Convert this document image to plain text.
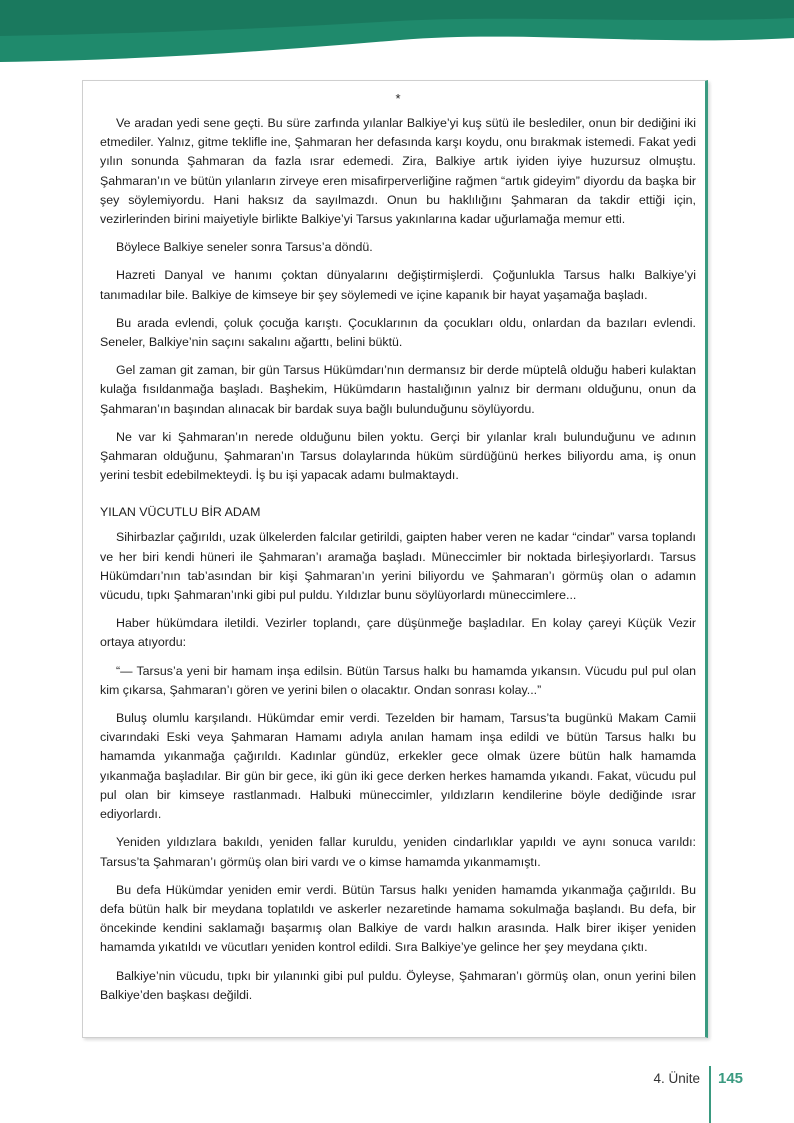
*

Ve aradan yedi sene geçti. Bu süre zarfında yılanlar Balkiye’yi kuş sütü ile beslediler, onun bir dediğini iki etmediler. Yalnız, gitme teklifle ine, Şahmaran her defasında karşı koydu, onu bırakmak istemedi. Fakat yedi yılın sonunda Şahmaran da fazla ısrar edemedi. Zira, Balkiye artık iyiden iyiye huzursuz olmuştu. Şahmaran’ın ve bütün yılanların zirveye eren misafirperverliğine rağmen “artık gideyim” diyordu da başka bir şey söylemiyordu. Hani haksız da sayılmazdı. Onun bu haklılığını Şahmaran da takdir ettiği için, vezirlerinden birini maiyetiyle birlikte Balkiye’yi Tarsus yakınlarına kadar uğurlamağa memur etti.

Böylece Balkiye seneler sonra Tarsus’a döndü.

Hazreti Danyal ve hanımı çoktan dünyalarını değiştirmişlerdi. Çoğunlukla Tarsus halkı Balkiye’yi tanımadılar bile. Balkiye de kimseye bir şey söylemedi ve içine kapanık bir hayat yaşamağa başladı.

Bu arada evlendi, çoluk çocuğa karıştı. Çocuklarının da çocukları oldu, onlardan da bazıları evlendi. Seneler, Balkiye’nin saçını sakalını ağarttı, belini büktü.

Gel zaman git zaman, bir gün Tarsus Hükümdarı’nın dermansız bir derde müptelâ olduğu haberi kulaktan kulağa fısıldanmağa başladı. Başhekim, Hükümdarın hastalığının yalnız bir dermanı olduğunu, onun da Şahmaran’ın başından alınacak bir bardak suya bağlı bulunduğunu söylüyordu.

Ne var ki Şahmaran’ın nerede olduğunu bilen yoktu. Gerçi bir yılanlar kralı bulunduğunu ve adının Şahmaran olduğunu, Şahmaran’ın Tarsus dolaylarında hüküm sürdüğünü herkes biliyordu ama, iş onun yerini tesbit edebilmekteydi. İş bu işi yapacak adamı bulmaktaydı.

YILAN VÜCUTLU BİR ADAM

Sihirbazlar çağırıldı, uzak ülkelerden falcılar getirildi, gaipten haber veren ne kadar “cindar” varsa toplandı ve her biri kendi hüneri ile Şahmaran’ı aramağa başladı. Müneccimler bir noktada birleşiyorlardı. Tarsus Hükümdarı’nın tab’asından bir kişi Şahmaran’ın yerini biliyordu ve Şahmaran’ı görmüş olan o adamın vücudu, tıpkı Şahmaran’ınki gibi pul puldu. Yıldızlar bunu söylüyorlardı müneccimlere...

Haber hükümdara iletildi. Vezirler toplandı, çare düşünmeğe başladılar. En kolay çareyi Küçük Vezir ortaya atıyordu:

“— Tarsus’a yeni bir hamam inşa edilsin. Bütün Tarsus halkı bu hamamda yıkansın. Vücudu pul pul olan kim çıkarsa, Şahmaran’ı gören ve yerini bilen o olacaktır. Ondan sonrası kolay...”

Buluş olumlu karşılandı. Hükümdar emir verdi. Tezelden bir hamam, Tarsus’ta bugünkü Makam Camii civarındaki Eski veya Şahmaran Hamamı adıyla anılan hamam inşa edildi ve bütün Tarsus halkı bu hamamda yıkanmağa çağırıldı. Kadınlar gündüz, erkekler gece olmak üzere bütün halk hamamda yıkanmağa başladılar. Bir gün bir gece, iki gün iki gece derken herkes hamamda yıkandı. Fakat, vücudu pul pul olan bir kimseye rastlanmadı. Halbuki müneccimler, yıldızların kendilerine böyle dediğinde ısrar ediyorlardı.

Yeniden yıldızlara bakıldı, yeniden fallar kuruldu, yeniden cindarlıklar yapıldı ve aynı sonuca varıldı: Tarsus’ta Şahmaran’ı görmüş olan biri vardı ve o kimse hamamda yıkanmamıştı.

Bu defa Hükümdar yeniden emir verdi. Bütün Tarsus halkı yeniden hamamda yıkanmağa çağırıldı. Bu defa bütün halk bir meydana toplatıldı ve askerler nezaretinde hamama sokulmağa başlandı. Bu defa, bir öncekinde kendini saklamağı başarmış olan Balkiye de vardı halkın arasında. Halk birer ikişer yeniden hamamda yıkatıldı ve vücutları yeniden kontrol edildi. Sıra Balkiye’ye gelince her şey meydana çıktı.

Balkiye’nin vücudu, tıpkı bir yılanınki gibi pul puldu. Öyleyse, Şahmaran’ı görmüş olan, onun yerini bilen Balkiye’den başkası değildi.

4. Ünite 145
